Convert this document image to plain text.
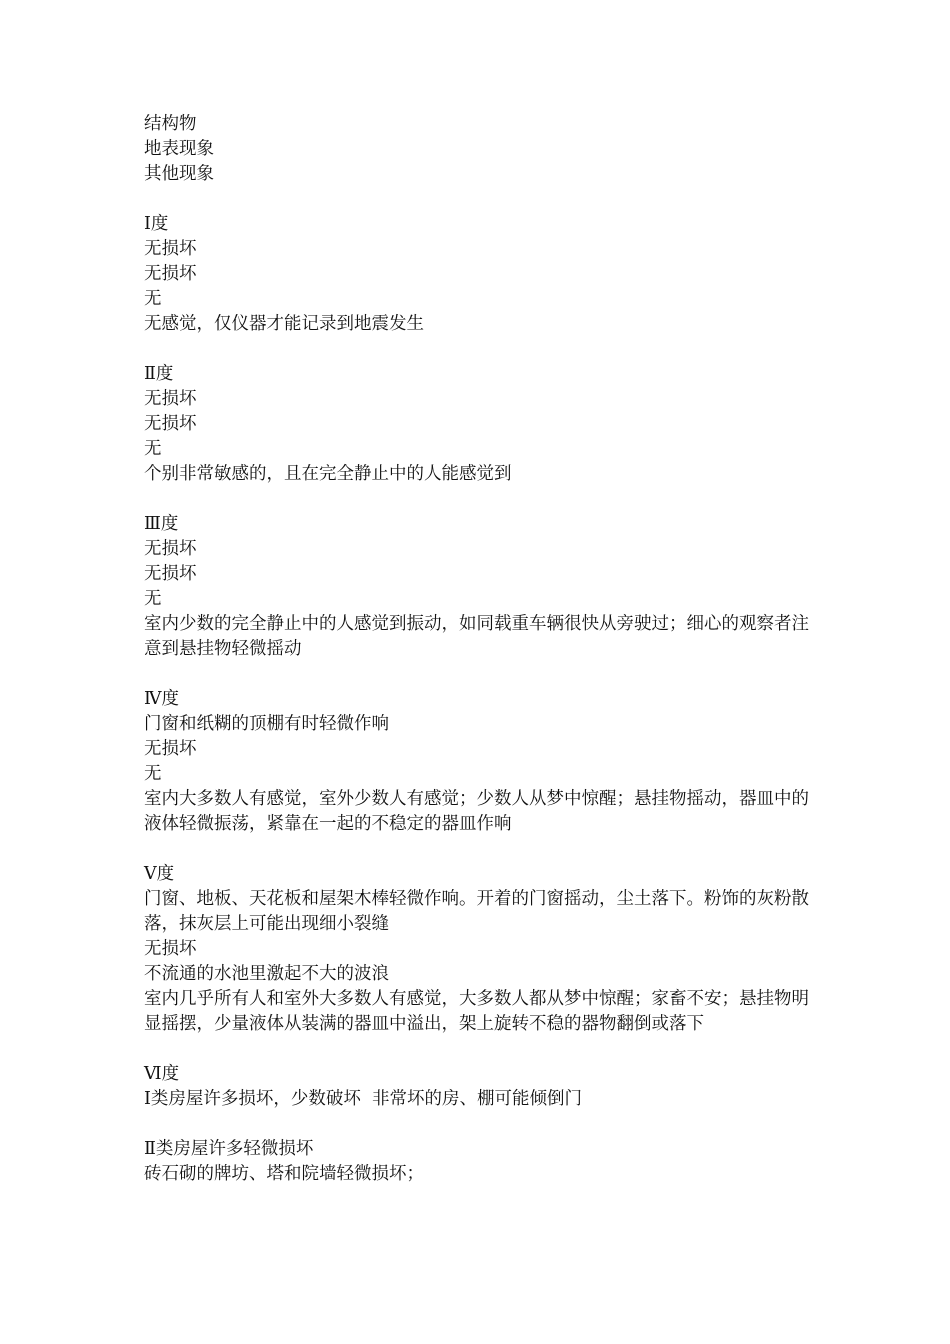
结构物
地表现象
其他现象
Ⅰ度
无损坏
无损坏
无
无感觉，仅仪器才能记录到地震发生
Ⅱ度
无损坏
无损坏
无
个别非常敏感的，且在完全静止中的人能感觉到
Ⅲ度
无损坏
无损坏
无
室内少数的完全静止中的人感觉到振动，如同载重车辆很快从旁驶过；细心的观察者注意到悬挂物轻微摇动
Ⅳ度
门窗和纸糊的顶棚有时轻微作响
无损坏
无
室内大多数人有感觉，室外少数人有感觉；少数人从梦中惊醒；悬挂物摇动，器皿中的液体轻微振荡，紧靠在一起的不稳定的器皿作响
Ⅴ度
门窗、地板、天花板和屋架木棒轻微作响。开着的门窗摇动，尘土落下。粉饰的灰粉散落，抹灰层上可能出现细小裂缝
无损坏
不流通的水池里激起不大的波浪
室内几乎所有人和室外大多数人有感觉，大多数人都从梦中惊醒；家畜不安；悬挂物明显摇摆，少量液体从装满的器皿中溢出，架上旋转不稳的器物翻倒或落下
Ⅵ度
Ⅰ类房屋许多损坏，少数破坏  非常坏的房、棚可能倾倒门
Ⅱ类房屋许多轻微损坏
砖石砌的牌坊、塔和院墙轻微损坏；
